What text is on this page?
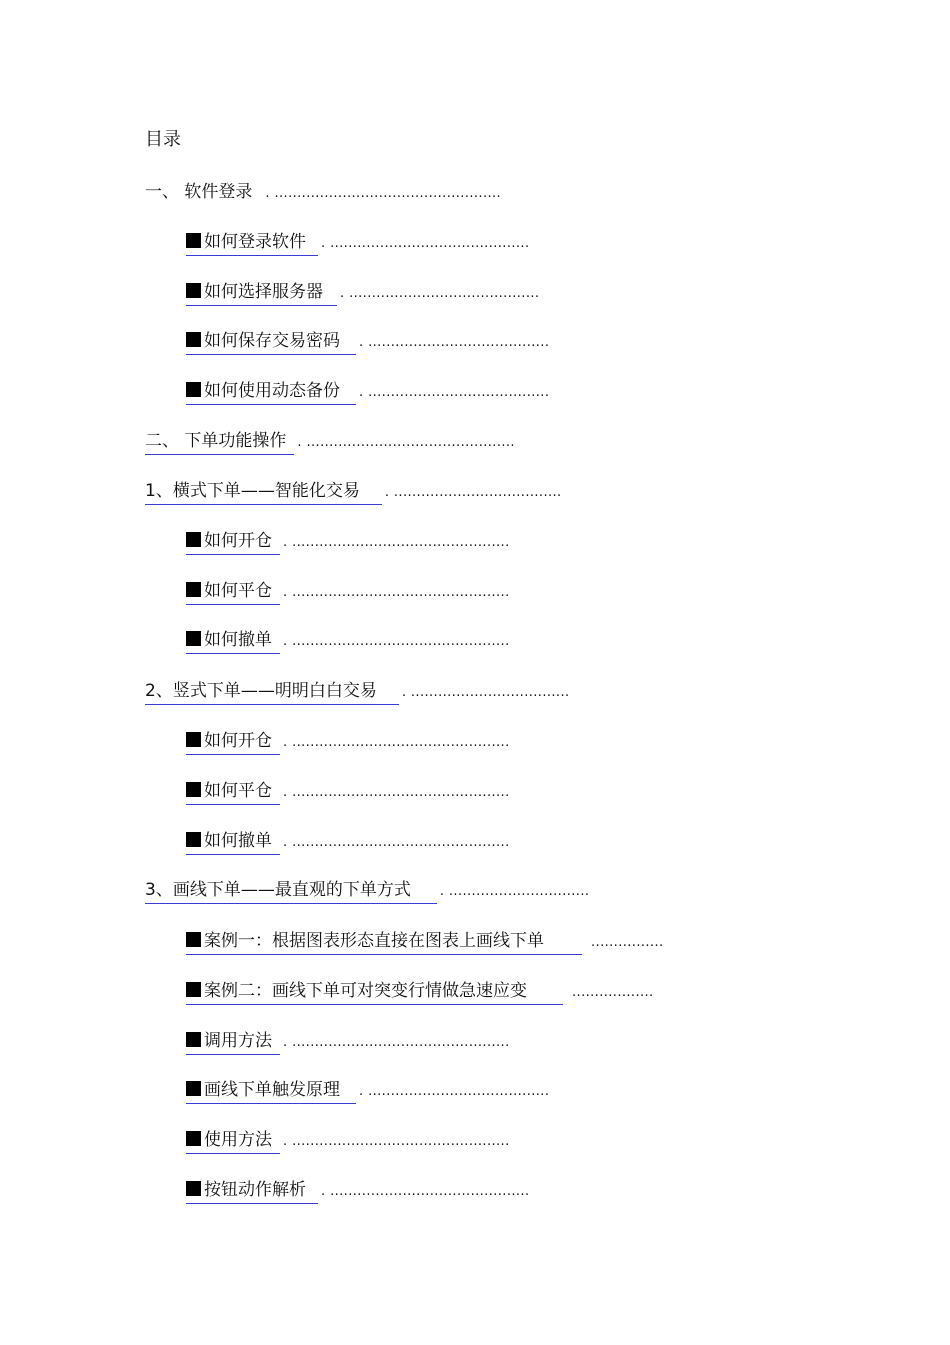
目录
一、 软件登录 . ..................................................
如何登录软件 . ............................................
如何选择服务器 . ..........................................
如何保存交易密码 . ........................................
如何使用动态备份 . ........................................
二、 下单功能操作 . ..............................................
1、横式下单——智能化交易 . .....................................
如何开仓 . ................................................
如何平仓 . ................................................
如何撤单 . ................................................
2、竖式下单——明明白白交易 . ...................................
如何开仓 . ................................................
如何平仓 . ................................................
如何撤单 . ................................................
3、画线下单——最直观的下单方式 . ...............................
案例一：根据图表形态直接在图表上画线下单	................
案例二：画线下单可对突变行情做急速应变	..................
调用方法 . ................................................
画线下单触发原理 . ........................................
使用方法 . ................................................
按钮动作解析 . ............................................
